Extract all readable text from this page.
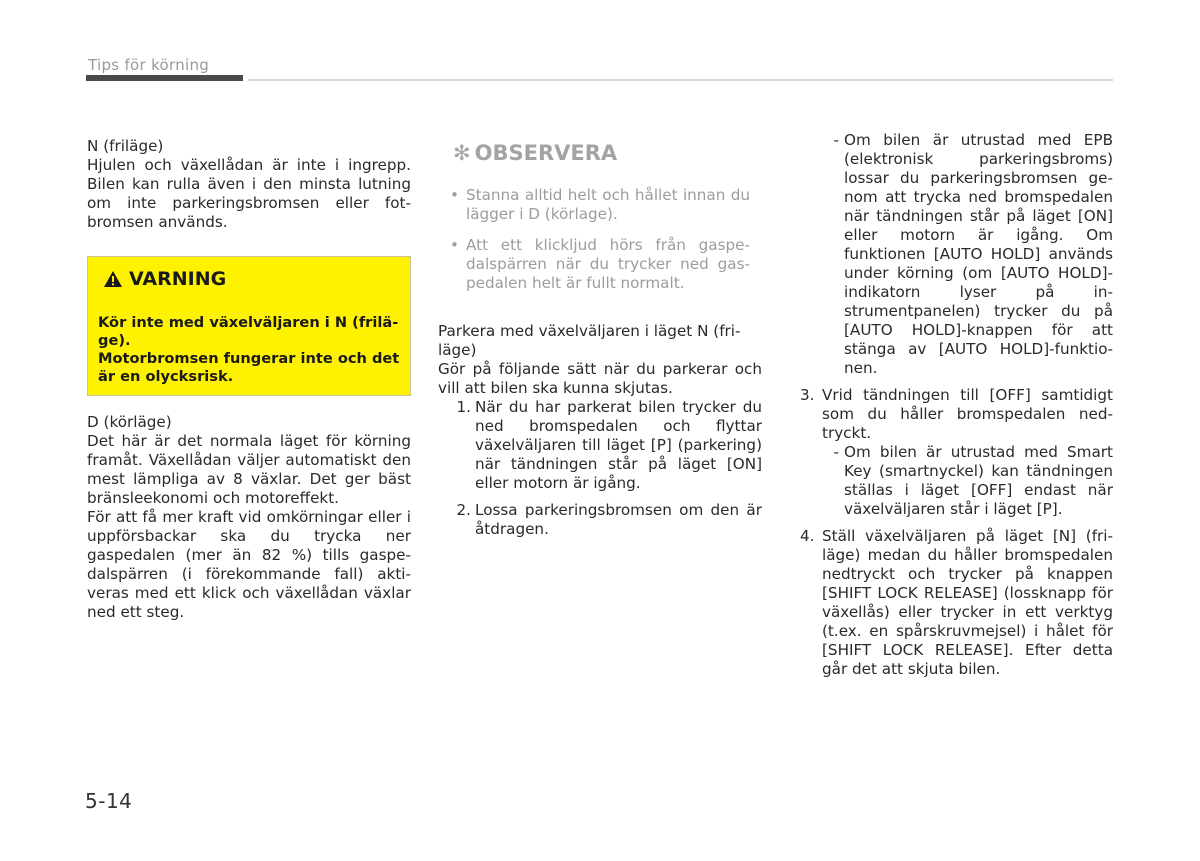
Tips för körning

N (friläge)

Hjulen och växellådan är inte i ingrepp. Bilen kan rulla även i den minsta lutning om inte parkeringsbromsen eller fotbromsen används.

VARNING
Kör inte med växelväljaren i N (friläge).
Motorbromsen fungerar inte och det är en olycksrisk.

D (körläge)

Det här är det normala läget för körning framåt. Växellådan väljer automatiskt den mest lämpliga av 8 växlar. Det ger bäst bränsleekonomi och motoreffekt.

För att få mer kraft vid omkörningar eller i uppförsbackar ska du trycka ner gaspedalen (mer än 82 %) tills gaspedalspärren (i förekommande fall) aktiveras med ett klick och växellådan växlar ned ett steg.

✻ OBSERVERA
• Stanna alltid helt och hållet innan du lägger i D (körlage).
• Att ett klickljud hörs från gaspedalspärren när du trycker ned gaspedalen helt är fullt normalt.

Parkera med växelväljaren i läget N (friläge)

Gör på följande sätt när du parkerar och vill att bilen ska kunna skjutas.

1. När du har parkerat bilen trycker du ned bromspedalen och flyttar växelväljaren till läget [P] (parkering) när tändningen står på läget [ON] eller motorn är igång.
2. Lossa parkeringsbromsen om den är åtdragen.
- Om bilen är utrustad med EPB (elektronisk parkeringsbroms) lossar du parkeringsbromsen genom att trycka ned bromspedalen när tändningen står på läget [ON] eller motorn är igång. Om funktionen [AUTO HOLD] används under körning (om [AUTO HOLD]-indikatorn lyser på instrumentpanelen) trycker du på [AUTO HOLD]-knappen för att stänga av [AUTO HOLD]-funktionen.
3. Vrid tändningen till [OFF] samtidigt som du håller bromspedalen nedtryckt.
- Om bilen är utrustad med Smart Key (smartnyckel) kan tändningen ställas i läget [OFF] endast när växelväljaren står i läget [P].
4. Ställ växelväljaren på läget [N] (friläge) medan du håller bromspedalen nedtryckt och trycker på knappen [SHIFT LOCK RELEASE] (lossknapp för växellås) eller trycker in ett verktyg (t.ex. en spårskruvmejsel) i hålet för [SHIFT LOCK RELEASE]. Efter detta går det att skjuta bilen.
5-14
